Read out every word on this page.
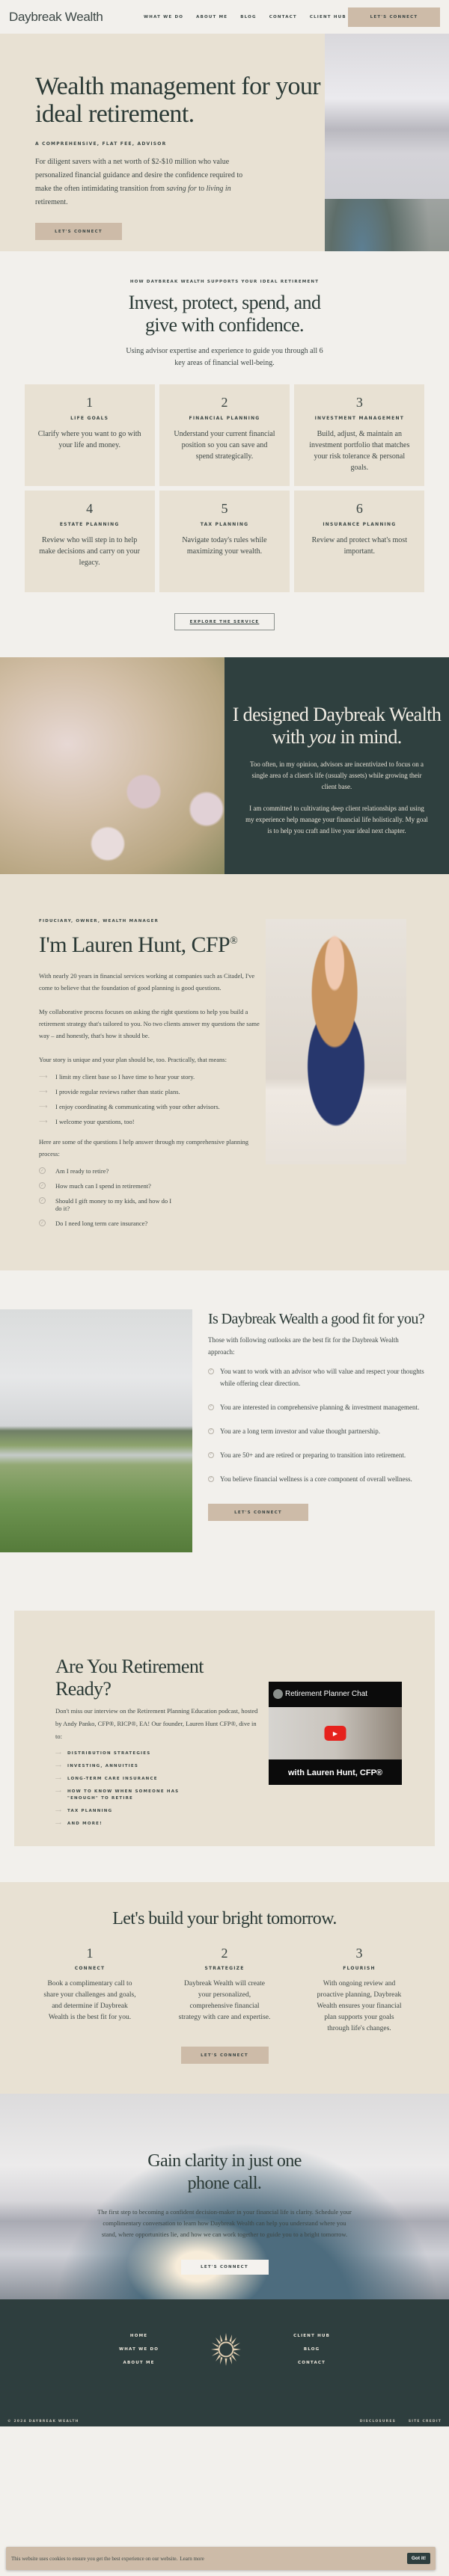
Daybreak Wealth	WHAT WE DO	ABOUT ME	BLOG	CONTACT	CLIENT HUB	LET'S CONNECT
Wealth management for your ideal retirement.
A COMPREHENSIVE, FLAT FEE, ADVISOR

For diligent savers with a net worth of $2-$10 million who value personalized financial guidance and desire the confidence required to make the often intimidating transition from saving for to living in retirement.

LET'S CONNECT
HOW DAYBREAK WEALTH SUPPORTS YOUR IDEAL RETIREMENT
Invest, protect, spend, and give with confidence.

Using advisor expertise and experience to guide you through all 6 key areas of financial well-being.

1
LIFE GOALS
Clarify where you want to go with your life and money.
2
FINANCIAL PLANNING
Understand your current financial position so you can save and spend strategically.
3
INVESTMENT MANAGEMENT
Build, adjust, & maintain an investment portfolio that matches your risk tolerance & personal goals.
4
ESTATE PLANNING
Review who will step in to help make decisions and carry on your legacy.
5
TAX PLANNING
Navigate today's rules while maximizing your wealth.
6
INSURANCE PLANNING
Review and protect what's most important.
EXPLORE THE SERVICE
I designed Daybreak Wealth with you in mind.

Too often, in my opinion, advisors are incentivized to focus on a single area of a client's life (usually assets) while growing their client base.

I am committed to cultivating deep client relationships and using my experience help manage your financial life holistically. My goal is to help you craft and live your ideal next chapter.

FIDUCIARY, OWNER, WEALTH MANAGER
I'm Lauren Hunt, CFP®

With nearly 20 years in financial services working at companies such as Citadel, I've come to believe that the foundation of good planning is good questions.

My collaborative process focuses on asking the right questions to help you build a retirement strategy that's tailored to you. No two clients answer my questions the same way – and honestly, that's how it should be.

Your story is unique and your plan should be, too. Practically, that means:

⟶	I limit my client base so I have time to hear your story.
⟶	I provide regular reviews rather than static plans.
⟶	I enjoy coordinating & communicating with your other advisors.
⟶	I welcome your questions, too!

Here are some of the questions I help answer through my comprehensive planning process:

✓ Am I ready to retire?
✓ How much can I spend in retirement?
✓ Should I gift money to my kids, and how do I do it?
✓ Do I need long term care insurance?
Is Daybreak Wealth a good fit for you?

Those with following outlooks are the best fit for the Daybreak Wealth approach:

✓ You want to work with an advisor who will value and respect your thoughts while offering clear direction.
✓ You are interested in comprehensive planning & investment management.
✓ You are a long term investor and value thought partnership.
✓ You are 50+ and are retired or preparing to transition into retirement.
✓ You believe financial wellness is a core component of overall wellness.
LET'S CONNECT
Are You Retirement Ready?

Don't miss our interview on the Retirement Planning Education podcast, hosted by Andy Panko, CFP®, RICP®, EA! Our founder, Lauren Hunt CFP®, dive in to:

⟶	DISTRIBUTION STRATEGIES
⟶	INVESTING, ANNUITIES
⟶	LONG-TERM CARE INSURANCE
⟶	HOW TO KNOW WHEN SOMEONE HAS "ENOUGH" TO RETIRE
⟶	TAX PLANNING
⟶	AND MORE!
Retirement Planner Chat
▶
with Lauren Hunt, CFP®
Let's build your bright tomorrow.
1
CONNECT
Book a complimentary call to share your challenges and goals, and determine if Daybreak Wealth is the best fit for you.
2
STRATEGIZE
Daybreak Wealth will create your personalized, comprehensive financial strategy with care and expertise.
3
FLOURISH
With ongoing review and proactive planning, Daybreak Wealth ensures your financial plan supports your goals through life's changes.
LET'S CONNECT
Gain clarity in just one phone call.

The first step to becoming a confident decision-maker in your financial life is clarity. Schedule your complimentary conversation to learn how Daybreak Wealth can help you understand where you stand, where opportunities lie, and how we can work together to guide you to a bright tomorrow.

LET'S CONNECT
HOME
WHAT WE DO
ABOUT ME
CLIENT HUB
BLOG
CONTACT
© 2024 DAYBREAK WEALTH	DISCLOSURES	SITE CREDIT
This website uses cookies to ensure you get the best experience on our website. Learn more	Got it!
